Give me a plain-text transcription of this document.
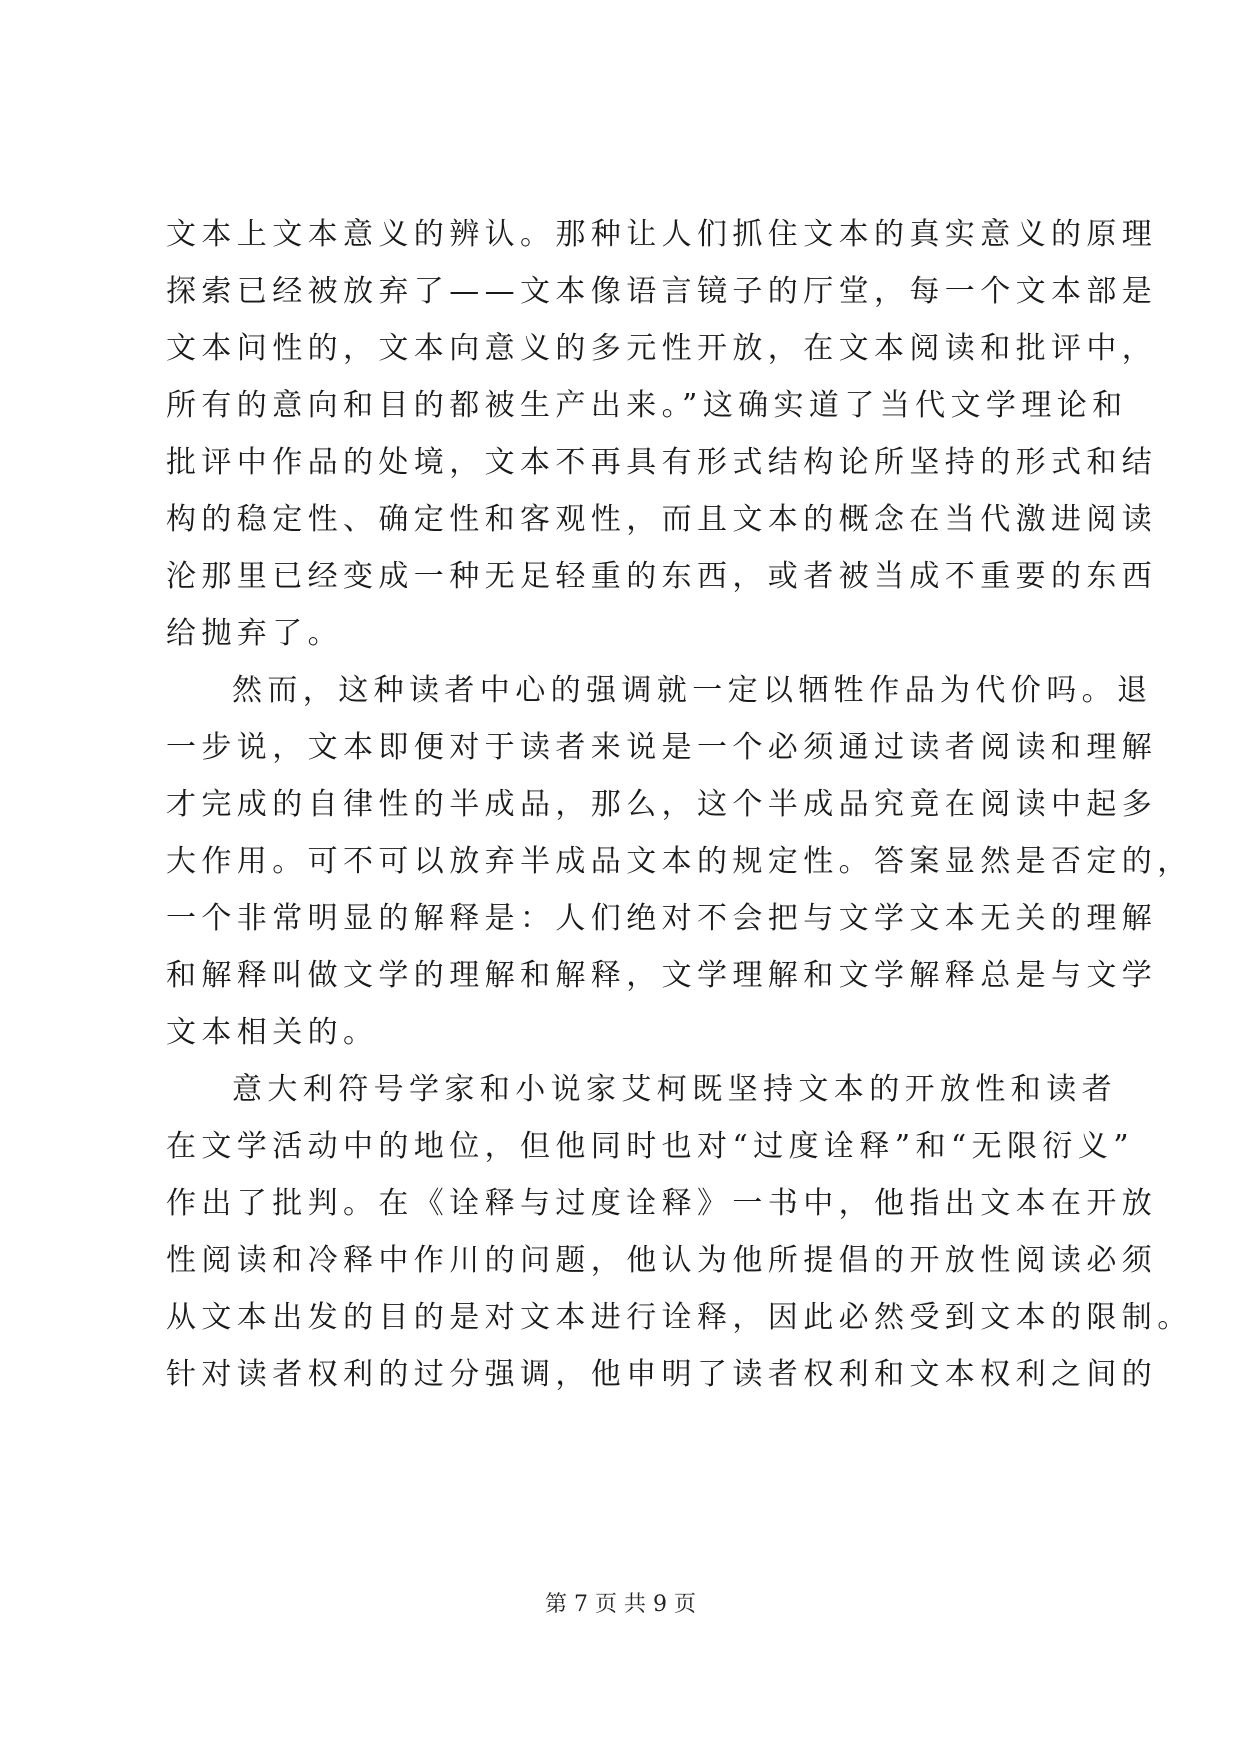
文本上文本意义的辨认。那种让人们抓住文本的真实意义的原理
探索已经被放弃了——文本像语言镜子的厅堂，每一个文本部是
文本问性的，文本向意义的多元性开放，在文本阅读和批评中，
所有的意向和目的都被生产出来。”这确实道了当代文学理论和
批评中作品的处境，文本不再具有形式结构论所坚持的形式和结
构的稳定性、确定性和客观性，而且文本的概念在当代激进阅读
沦那里已经变成一种无足轻重的东西，或者被当成不重要的东西
给抛弃了。
然而，这种读者中心的强调就一定以牺牲作品为代价吗。退
一步说，文本即便对于读者来说是一个必须通过读者阅读和理解
才完成的自律性的半成品，那么，这个半成品究竟在阅读中起多
大作用。可不可以放弃半成品文本的规定性。答案显然是否定的，
一个非常明显的解释是：人们绝对不会把与文学文本无关的理解
和解释叫做文学的理解和解释，文学理解和文学解释总是与文学
文本相关的。
意大利符号学家和小说家艾柯既坚持文本的开放性和读者
在文学活动中的地位，但他同时也对“过度诠释”和“无限衍义”
作出了批判。在《诠释与过度诠释》一书中，他指出文本在开放
性阅读和冷释中作川的问题，他认为他所提倡的开放性阅读必须
从文本出发的目的是对文本进行诠释，因此必然受到文本的限制。
针对读者权利的过分强调，他申明了读者权利和文本权利之间的
第 7 页 共 9 页
